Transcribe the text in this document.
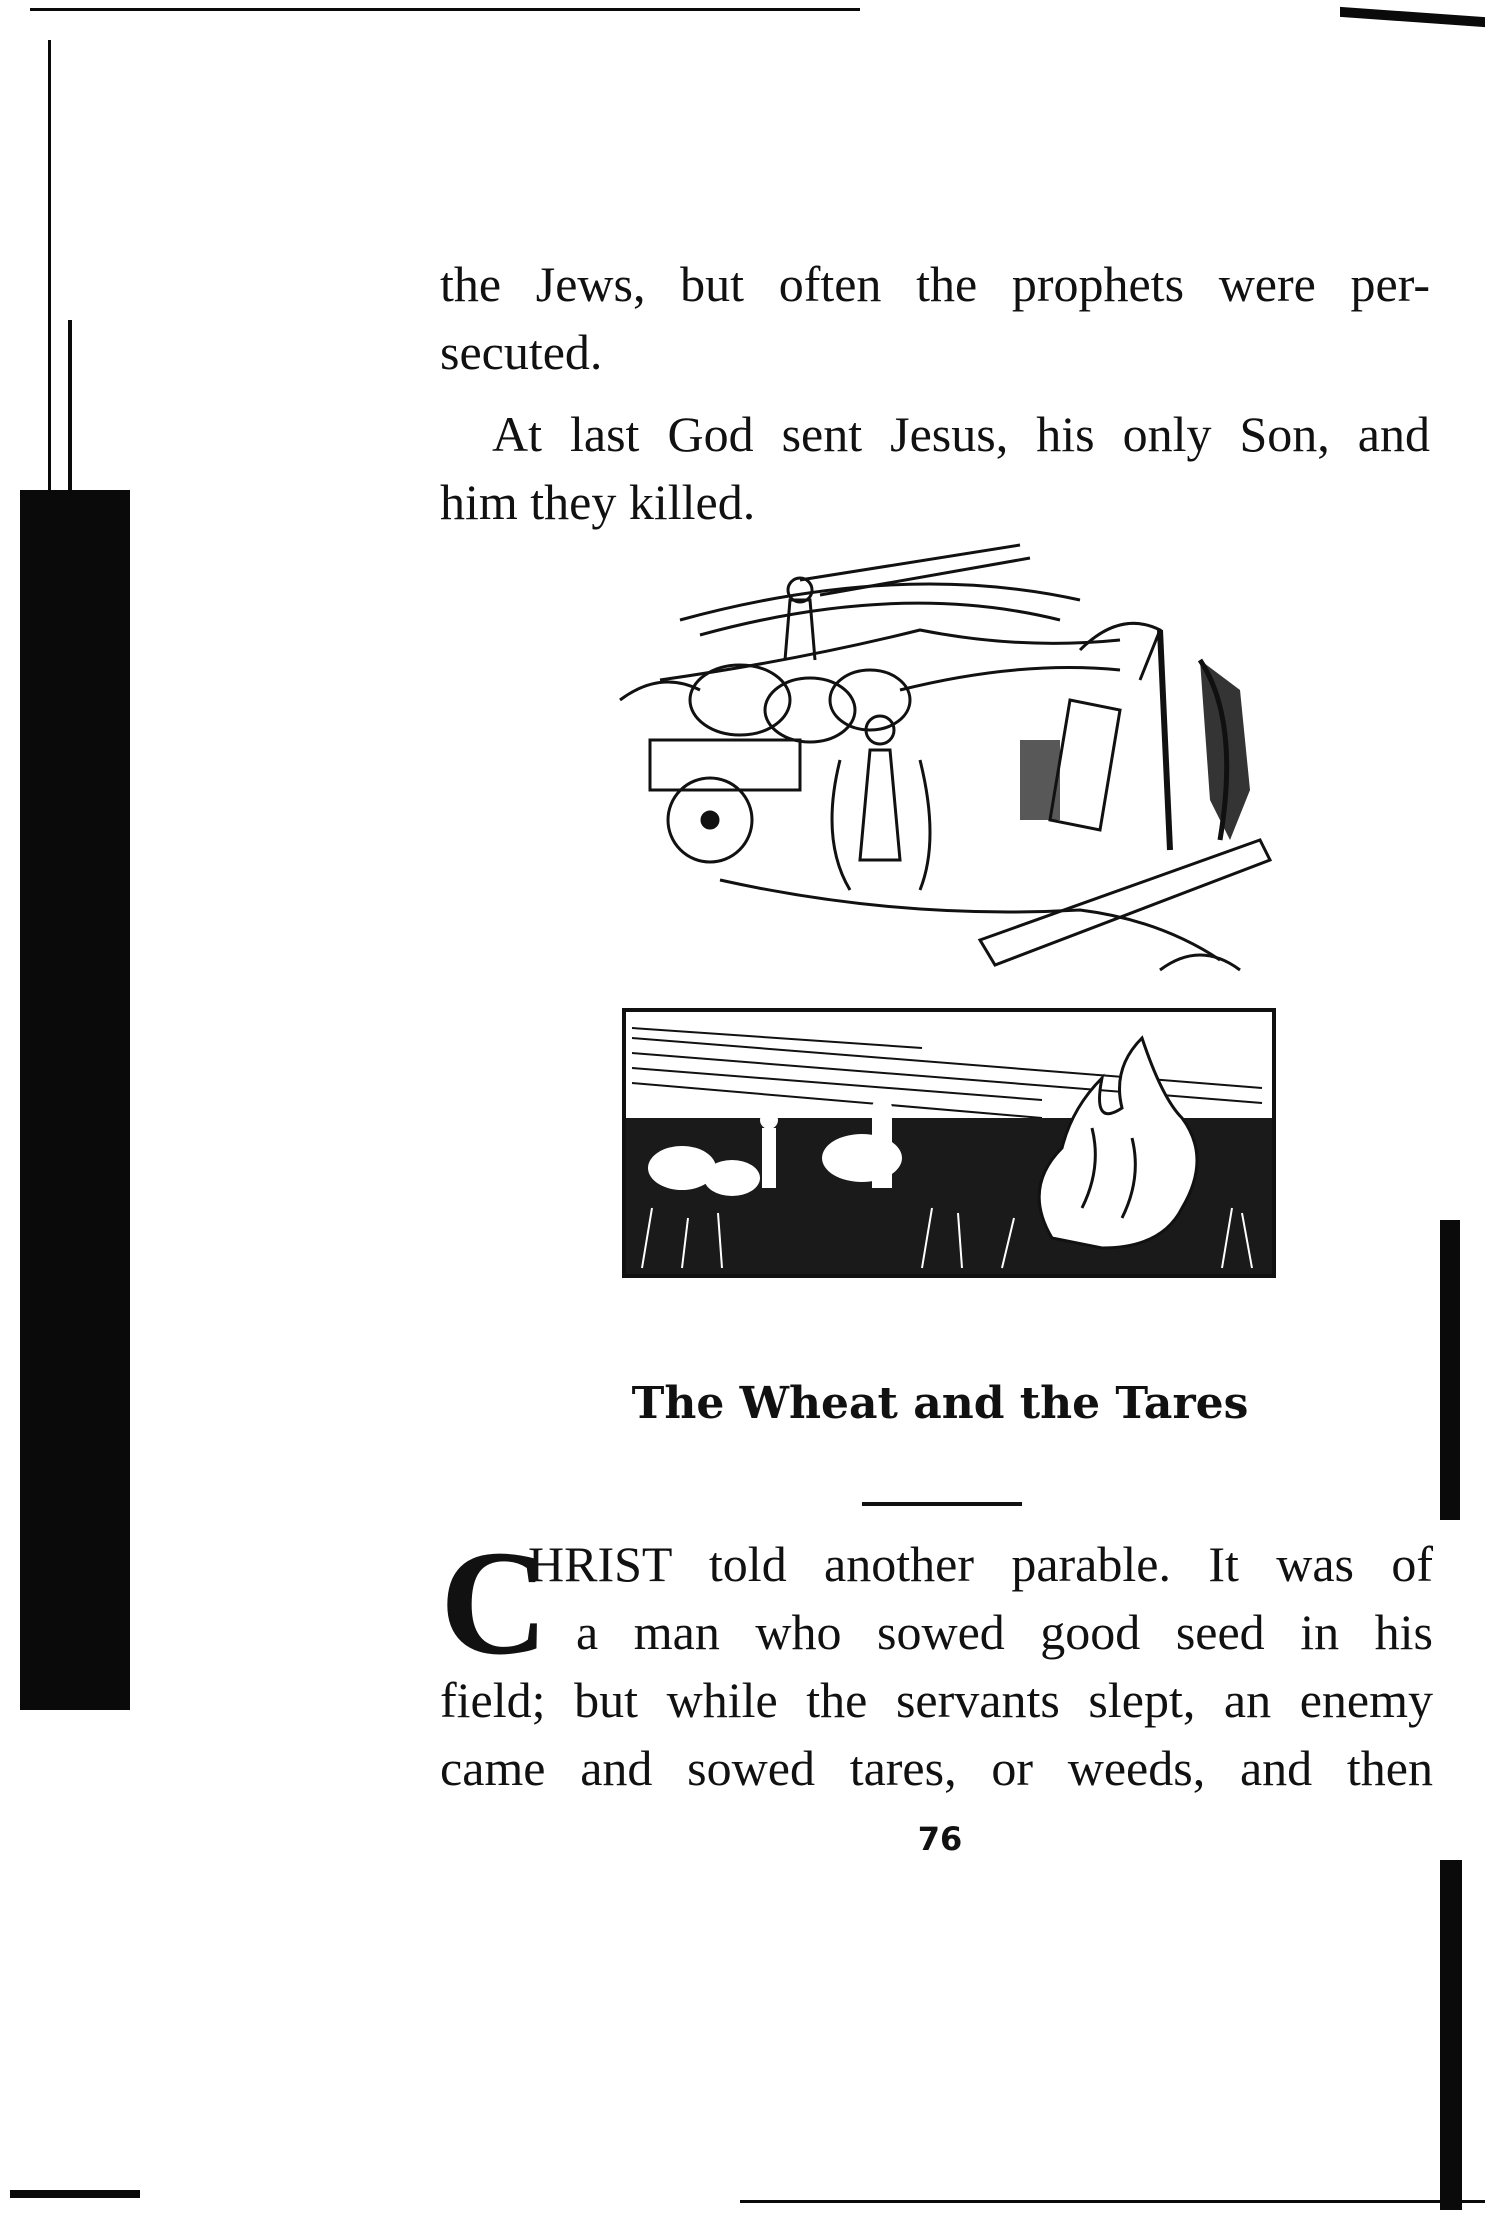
the Jews, but often the prophets were per-
secuted.
At last God sent Jesus, his only Son, and
him they killed.
The Wheat and the Tares
C
HRIST told another parable. It was of
a man who sowed good seed in his
field; but while the servants slept, an enemy
came and sowed tares, or weeds, and then
76
